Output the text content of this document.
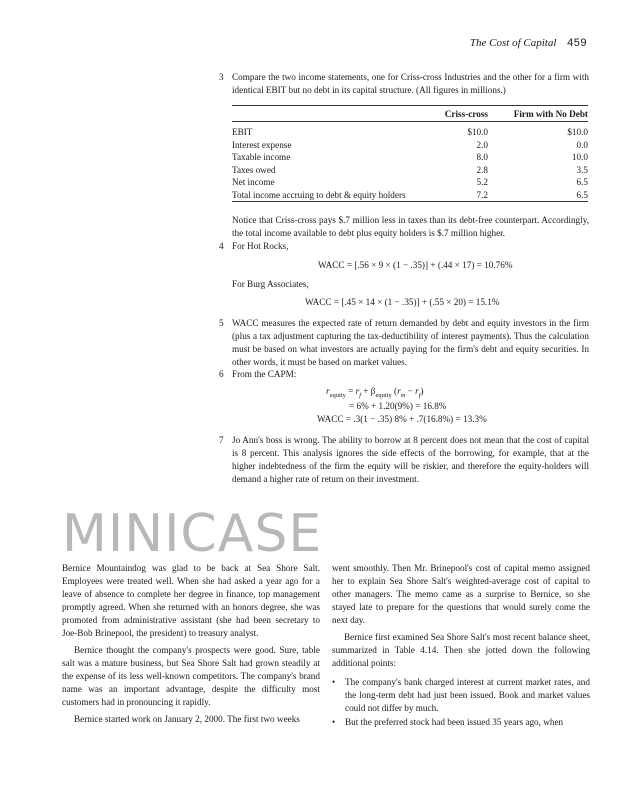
The Cost of Capital 459
3 Compare the two income statements, one for Criss-cross Industries and the other for a firm with identical EBIT but no debt in its capital structure. (All figures in millions.)
	Criss-cross	Firm with No Debt
EBIT	$10.0	$10.0
Interest expense	2.0	0.0
Taxable income	8.0	10.0
Taxes owed	2.8	3.5
Net income	5.2	6.5
Total income accruing to debt & equity holders	7.2	6.5
Notice that Criss-cross pays $.7 million less in taxes than its debt-free counterpart. Accordingly, the total income available to debt plus equity holders is $.7 million higher.
4 For Hot Rocks,
WACC = [.56 × 9 × (1 − .35)] + (.44 × 17) = 10.76%
For Burg Associates,
WACC = [.45 × 14 × (1 − .35)] + (.55 × 20) = 15.1%
5 WACC measures the expected rate of return demanded by debt and equity investors in the firm (plus a tax adjustment capturing the tax-deductibility of interest payments). Thus the calculation must be based on what investors are actually paying for the firm's debt and equity securities. In other words, it must be based on market values.
6 From the CAPM:
$r_{equity} = r_f + \beta_{equity}$ $(r_m - r_f)$
= 6% + 1.20(9%) = 16.8%
WACC = .3(1 − .35) 8% + .7(16.8%) = 13.3%
7 Jo Ann's boss is wrong. The ability to borrow at 8 percent does not mean that the cost of capital is 8 percent. This analysis ignores the side effects of the borrowing, for example, that at the higher indebtedness of the firm the equity will be riskier, and therefore the equity-holders will demand a higher rate of return on their investment.
MINICASE

Bernice Mountaindog was glad to be back at Sea Shore Salt. Employees were treated well. When she had asked a year ago for a leave of absence to complete her degree in finance, top management promptly agreed. When she returned with an honors degree, she was promoted from administrative assistant (she had been secretary to Joe-Bob Brinepool, the president) to treasury analyst.

Bernice thought the company's prospects were good. Sure, table salt was a mature business, but Sea Shore Salt had grown steadily at the expense of its less well-known competitors. The company's brand name was an important advantage, despite the difficulty most customers had in pronouncing it rapidly.

Bernice started work on January 2, 2000. The first two weeks

went smoothly. Then Mr. Brinepool's cost of capital memo assigned her to explain Sea Shore Salt's weighted-average cost of capital to other managers. The memo came as a surprise to Bernice, so she stayed late to prepare for the questions that would surely come the next day.

Bernice first examined Sea Shore Salt's most recent balance sheet, summarized in Table 4.14. Then she jotted down the following additional points:

• The company's bank charged interest at current market rates, and the long-term debt had just been issued. Book and market values could not differ by much.
• But the preferred stock had been issued 35 years ago, when
